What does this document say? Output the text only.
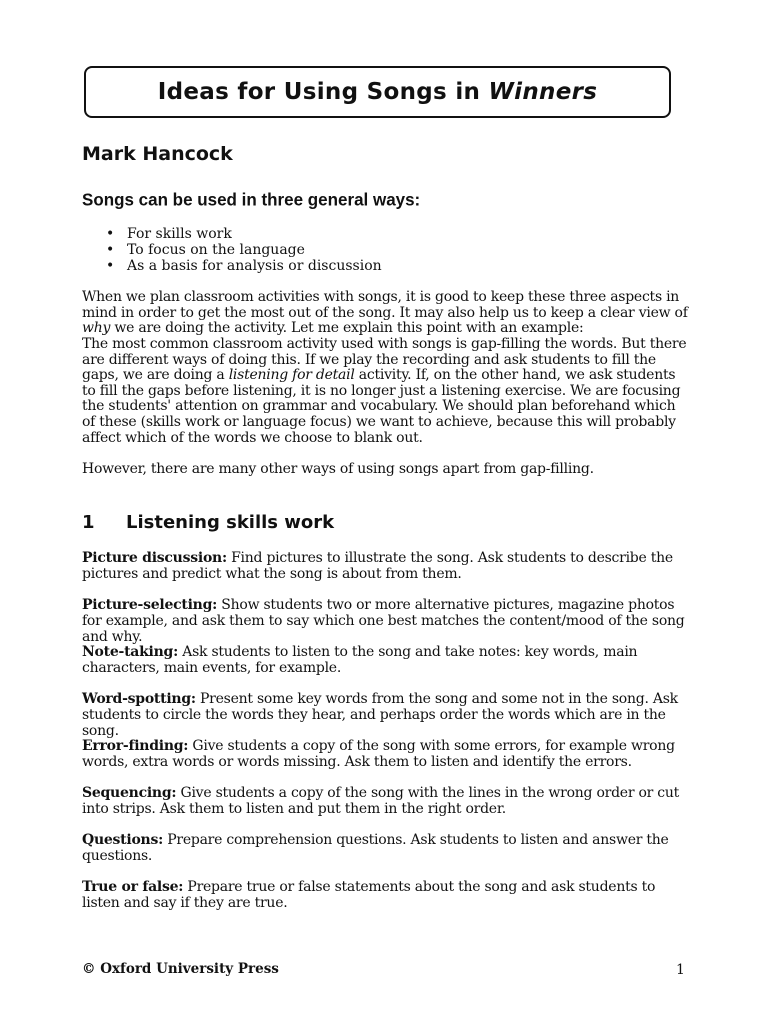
Ideas for Using Songs in Winners
Mark Hancock
Songs can be used in three general ways:
• For skills work
• To focus on the language
• As a basis for analysis or discussion

When we plan classroom activities with songs, it is good to keep these three aspects in mind in order to get the most out of the song. It may also help us to keep a clear view of why we are doing the activity. Let me explain this point with an example:

The most common classroom activity used with songs is gap-filling the words. But there are different ways of doing this. If we play the recording and ask students to fill the gaps, we are doing a listening for detail activity. If, on the other hand, we ask students to fill the gaps before listening, it is no longer just a listening exercise. We are focusing the students' attention on grammar and vocabulary. We should plan beforehand which of these (skills work or language focus) we want to achieve, because this will probably affect which of the words we choose to blank out.

However, there are many other ways of using songs apart from gap-filling.

1	Listening skills work

Picture discussion: Find pictures to illustrate the song. Ask students to describe the pictures and predict what the song is about from them.

Picture-selecting: Show students two or more alternative pictures, magazine photos for example, and ask them to say which one best matches the content/mood of the song and why.

Note-taking: Ask students to listen to the song and take notes: key words, main characters, main events, for example.

Word-spotting: Present some key words from the song and some not in the song. Ask students to circle the words they hear, and perhaps order the words which are in the song.

Error-finding: Give students a copy of the song with some errors, for example wrong words, extra words or words missing. Ask them to listen and identify the errors.

Sequencing: Give students a copy of the song with the lines in the wrong order or cut into strips. Ask them to listen and put them in the right order.

Questions: Prepare comprehension questions. Ask students to listen and answer the questions.

True or false: Prepare true or false statements about the song and ask students to listen and say if they are true.

© Oxford University Press	1
